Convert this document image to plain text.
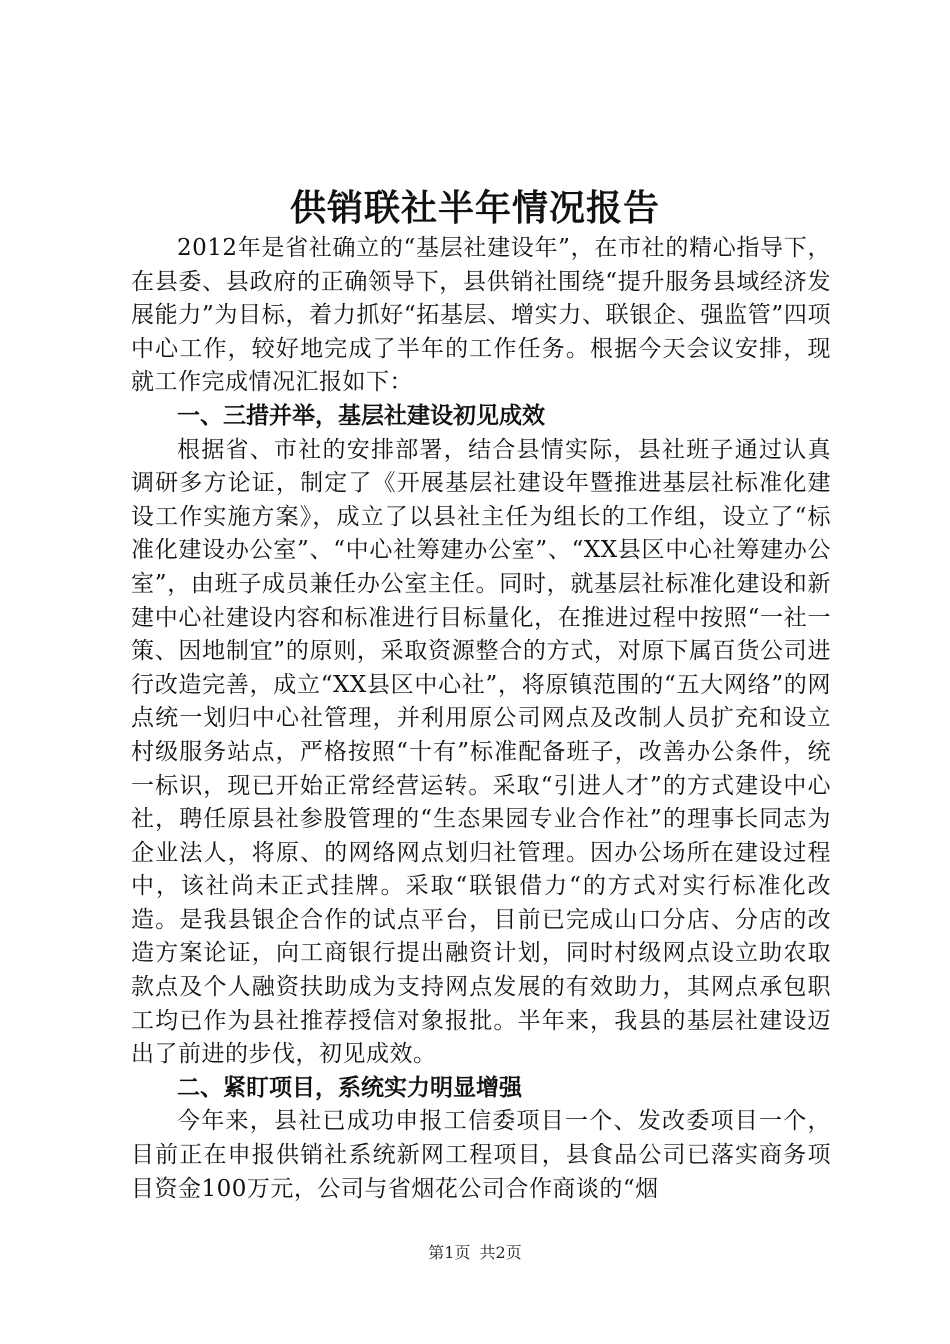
供销联社半年情况报告

2012年是省社确立的“基层社建设年”，在市社的精心指导下，在县委、县政府的正确领导下，县供销社围绕“提升服务县域经济发展能力”为目标，着力抓好“拓基层、增实力、联银企、强监管”四项中心工作，较好地完成了半年的工作任务。根据今天会议安排，现就工作完成情况汇报如下：

一、三措并举，基层社建设初见成效

根据省、市社的安排部署，结合县情实际，县社班子通过认真调研多方论证，制定了《开展基层社建设年暨推进基层社标准化建设工作实施方案》，成立了以县社主任为组长的工作组，设立了“标准化建设办公室”、“中心社筹建办公室”、“XX县区中心社筹建办公室”，由班子成员兼任办公室主任。同时，就基层社标准化建设和新建中心社建设内容和标准进行目标量化，在推进过程中按照“一社一策、因地制宜”的原则，采取资源整合的方式，对原下属百货公司进行改造完善，成立“XX县区中心社”，将原镇范围的“五大网络”的网点统一划归中心社管理，并利用原公司网点及改制人员扩充和设立村级服务站点，严格按照“十有”标准配备班子，改善办公条件，统一标识，现已开始正常经营运转。采取“引进人才”的方式建设中心社，聘任原县社参股管理的“生态果园专业合作社”的理事长同志为企业法人，将原、的网络网点划归社管理。因办公场所在建设过程中，该社尚未正式挂牌。采取“联银借力“的方式对实行标准化改造。是我县银企合作的试点平台，目前已完成山口分店、分店的改造方案论证，向工商银行提出融资计划，同时村级网点设立助农取款点及个人融资扶助成为支持网点发展的有效助力，其网点承包职工均已作为县社推荐授信对象报批。半年来，我县的基层社建设迈出了前进的步伐，初见成效。

二、紧盯项目，系统实力明显增强

今年来，县社已成功申报工信委项目一个、发改委项目一个，目前正在申报供销社系统新网工程项目，县食品公司已落实商务项目资金100万元，公司与省烟花公司合作商谈的“烟

第1页 共2页
